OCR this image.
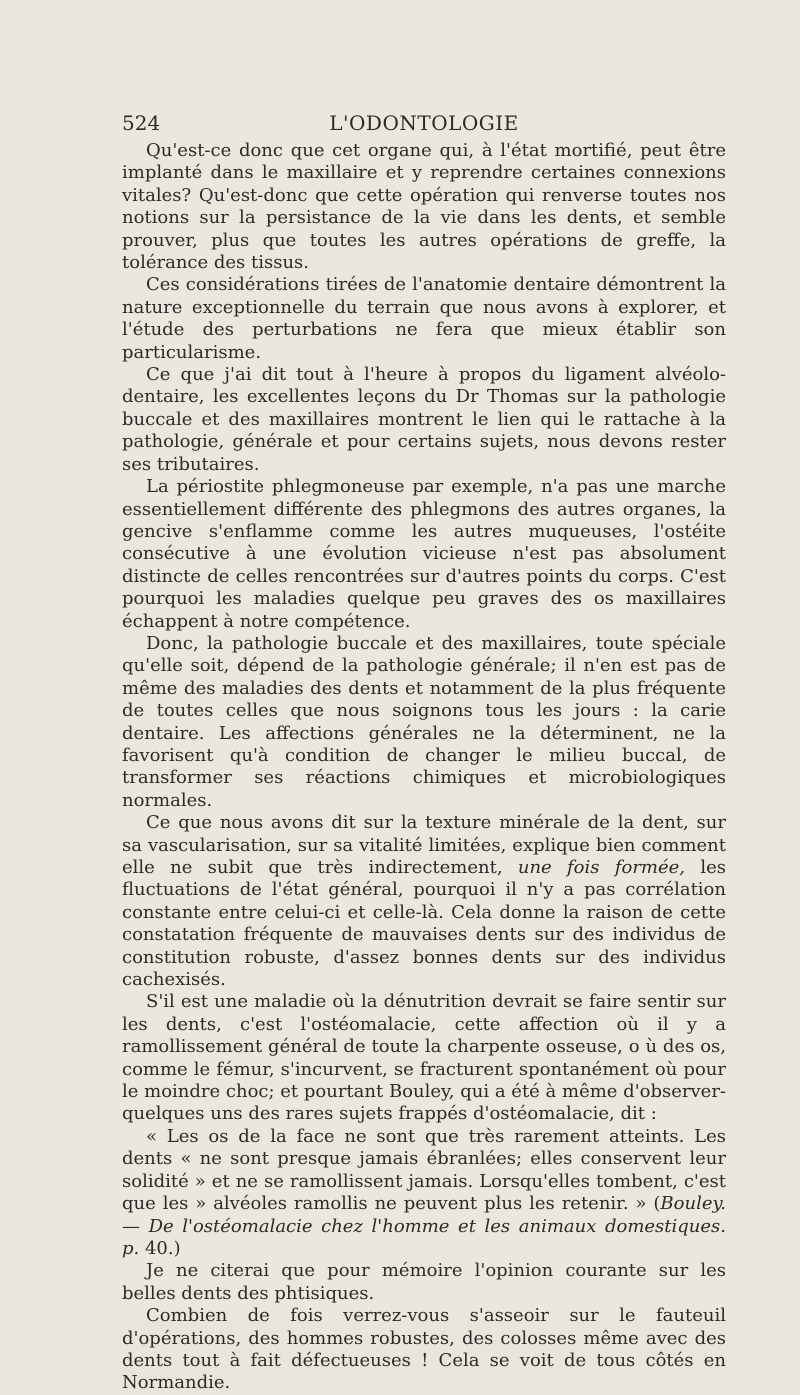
524	L'ODONTOLOGIE

Qu'est-ce donc que cet organe qui, à l'état mortifié, peut être implanté dans le maxillaire et y reprendre certaines connexions vitales? Qu'est-donc que cette opération qui renverse toutes nos notions sur la persistance de la vie dans les dents, et semble prouver, plus que toutes les autres opérations de greffe, la tolérance des tissus.

Ces considérations tirées de l'anatomie dentaire démontrent la nature exceptionnelle du terrain que nous avons à explorer, et l'étude des perturbations ne fera que mieux établir son particularisme.

Ce que j'ai dit tout à l'heure à propos du ligament alvéolo-dentaire, les excellentes leçons du Dr Thomas sur la pathologie buccale et des maxillaires montrent le lien qui le rattache à la pathologie, générale et pour certains sujets, nous devons rester ses tributaires.

La périostite phlegmoneuse par exemple, n'a pas une marche essentiellement différente des phlegmons des autres organes, la gencive s'enflamme comme les autres muqueuses, l'ostéite consécutive à une évolution vicieuse n'est pas absolument distincte de celles rencontrées sur d'autres points du corps. C'est pourquoi les maladies quelque peu graves des os maxillaires échappent à notre compétence.

Donc, la pathologie buccale et des maxillaires, toute spéciale qu'elle soit, dépend de la pathologie générale; il n'en est pas de même des maladies des dents et notamment de la plus fréquente de toutes celles que nous soignons tous les jours : la carie dentaire. Les affections générales ne la déterminent, ne la favorisent qu'à condition de changer le milieu buccal, de transformer ses réactions chimiques et microbiologiques normales.

Ce que nous avons dit sur la texture minérale de la dent, sur sa vascularisation, sur sa vitalité limitées, explique bien comment elle ne subit que très indirectement, une fois formée, les fluctuations de l'état général, pourquoi il n'y a pas corrélation constante entre celui-ci et celle-là. Cela donne la raison de cette constatation fréquente de mauvaises dents sur des individus de constitution robuste, d'assez bonnes dents sur des individus cachexisés.

S'il est une maladie où la dénutrition devrait se faire sentir sur les dents, c'est l'ostéomalacie, cette affection où il y a ramollissement général de toute la charpente osseuse, o ù des os, comme le fémur, s'incurvent, se fracturent spontanément où pour le moindre choc; et pourtant Bouley, qui a été à même d'observer-quelques uns des rares sujets frappés d'ostéomalacie, dit :

« Les os de la face ne sont que très rarement atteints. Les dents « ne sont presque jamais ébranlées; elles conservent leur solidité » et ne se ramollissent jamais. Lorsqu'elles tombent, c'est que les » alvéoles ramollis ne peuvent plus les retenir. » (Bouley. — De l'ostéomalacie chez l'homme et les animaux domestiques. p. 40.)

Je ne citerai que pour mémoire l'opinion courante sur les belles dents des phtisiques.

Combien de fois verrez-vous s'asseoir sur le fauteuil d'opérations, des hommes robustes, des colosses même avec des dents tout à fait défectueuses ! Cela se voit de tous côtés en Normandie.
